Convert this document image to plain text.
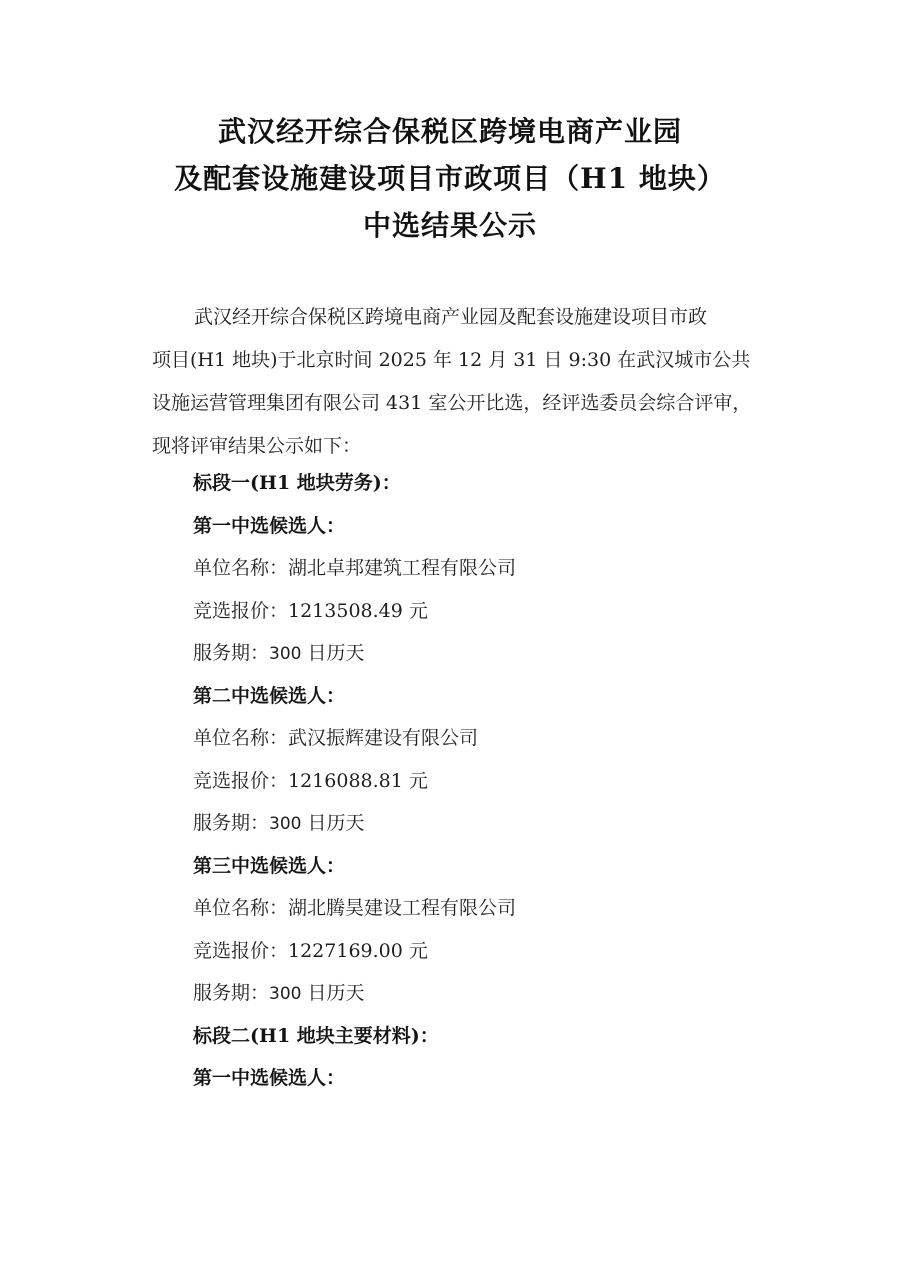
武汉经开综合保税区跨境电商产业园
及配套设施建设项目市政项目（H1 地块）
中选结果公示
武汉经开综合保税区跨境电商产业园及配套设施建设项目市政
项目(H1 地块)于北京时间 2025 年 12 月 31 日 9:30 在武汉城市公共
设施运营管理集团有限公司 431 室公开比选，经评选委员会综合评审，
现将评审结果公示如下：
标段一(H1 地块劳务)：
第一中选候选人：
单位名称：湖北卓邦建筑工程有限公司
竞选报价：1213508.49 元
服务期：300 日历天
第二中选候选人：
单位名称：武汉振辉建设有限公司
竞选报价：1216088.81 元
服务期：300 日历天
第三中选候选人：
单位名称：湖北腾昊建设工程有限公司
竞选报价：1227169.00 元
服务期：300 日历天
标段二(H1 地块主要材料)：
第一中选候选人：
